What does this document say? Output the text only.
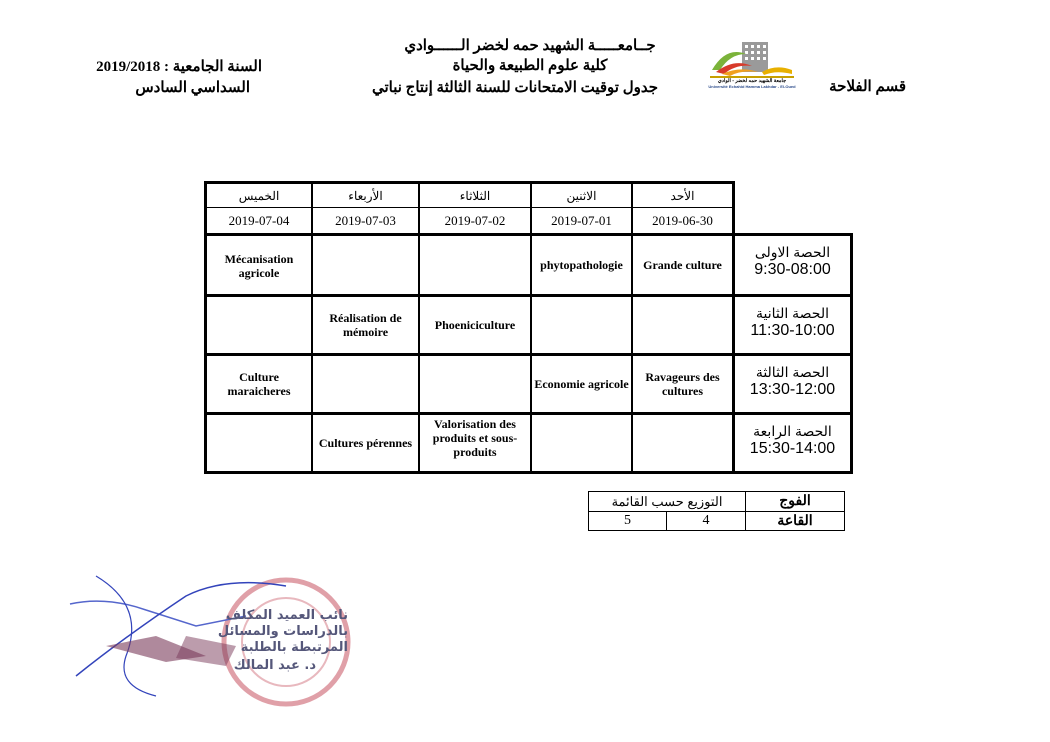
جــامعـــــة الشهيد حمه لخضر الــــــوادي
كلية علوم الطبيعة والحياة
جدول توقيت الامتحانات للسنة الثالثة إنتاج نباتي	قسم الفلاحة
السنة الجامعية : 2019/2018
السداسي السادس	جامعة الشهيد حمه لخضر - الوادي
Université Echahid Hamma Lakhdar - El-Oued
الأحد
الاثنين
الثلاثاء
الأربعاء
الخميس
2019-06-30
2019-07-01
2019-07-02
2019-07-03
2019-07-04
الحصة الاولى
9:30-08:00
الحصة الثانية
11:30-10:00
الحصة الثالثة
13:30-12:00
الحصة الرابعة
15:30-14:00
Grande culture
phytopathologie
Mécanisation agricole
Phoeniciculture
Réalisation de mémoire
Ravageurs des cultures
Economie agricole
Culture maraicheres
Valorisation des produits et sous-produits
Cultures pérennes
الفوج
التوزيع حسب القائمة
القاعة
4
5
نائب العميد المكلف بالدراسات والمسائل المرتبطة بالطلبة
د. عبد المالك
